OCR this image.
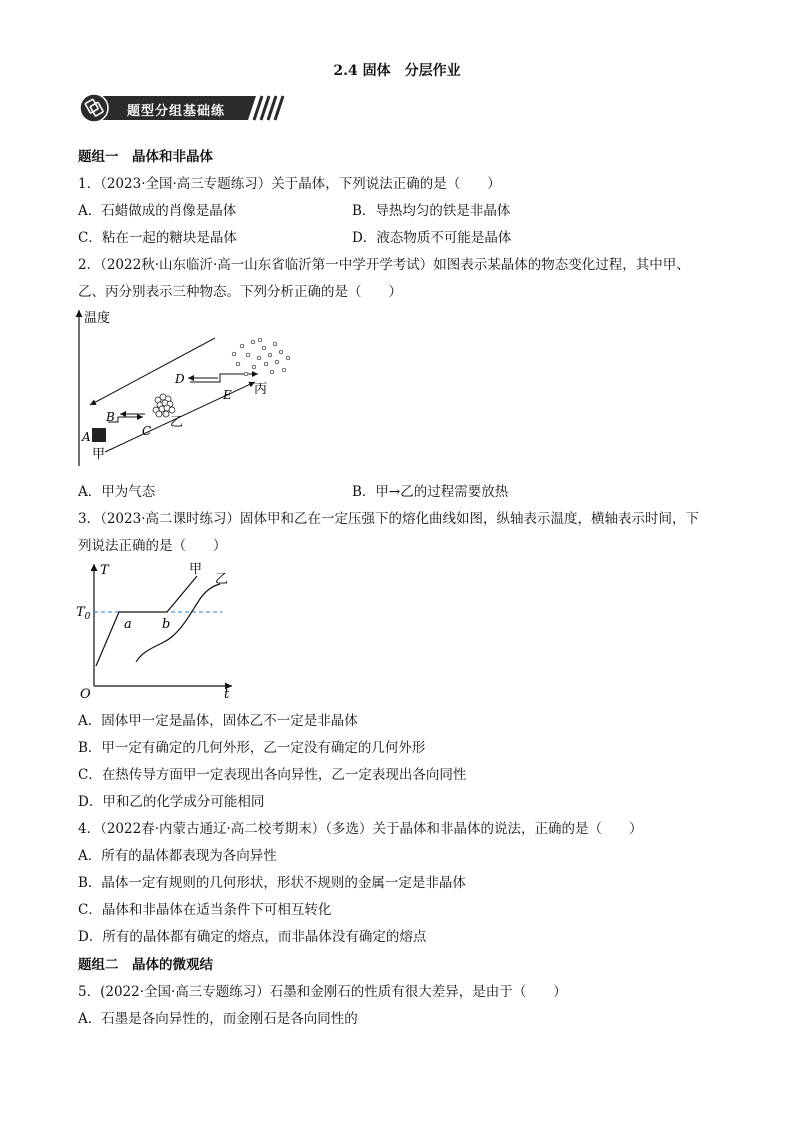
2.4 固体　分层作业
题型分组基础练
题组一　晶体和非晶体
1．（2023·全国·高三专题练习）关于晶体，下列说法正确的是（　　）
A．石蜡做成的肖像是晶体	B．导热均匀的铁是非晶体
C．粘在一起的糖块是晶体	D．液态物质不可能是晶体
2．（2022秋·山东临沂·高一山东省临沂第一中学开学考试）如图表示某晶体的物态变化过程，其中甲、
乙、丙分别表示三种物态。下列分析正确的是（　　）
温度
A
B
C
D
E
甲
乙
丙
A．甲为气态	B．甲→乙的过程需要放热
3．（2023·高二课时练习）固体甲和乙在一定压强下的熔化曲线如图，纵轴表示温度，横轴表示时间，下
列说法正确的是（　　）
T
t
O
$T_0$	a b
甲
乙
A．固体甲一定是晶体，固体乙不一定是非晶体
B．甲一定有确定的几何外形，乙一定没有确定的几何外形
C．在热传导方面甲一定表现出各向异性，乙一定表现出各向同性
D．甲和乙的化学成分可能相同
4．（2022春·内蒙古通辽·高二校考期末）（多选）关于晶体和非晶体的说法，正确的是（　　）
A．所有的晶体都表现为各向异性
B．晶体一定有规则的几何形状，形状不规则的金属一定是非晶体
C．晶体和非晶体在适当条件下可相互转化
D．所有的晶体都有确定的熔点，而非晶体没有确定的熔点
题组二　晶体的微观结
5．(2022·全国·高三专题练习）石墨和金刚石的性质有很大差异，是由于（　　）
A．石墨是各向异性的，而金刚石是各向同性的
